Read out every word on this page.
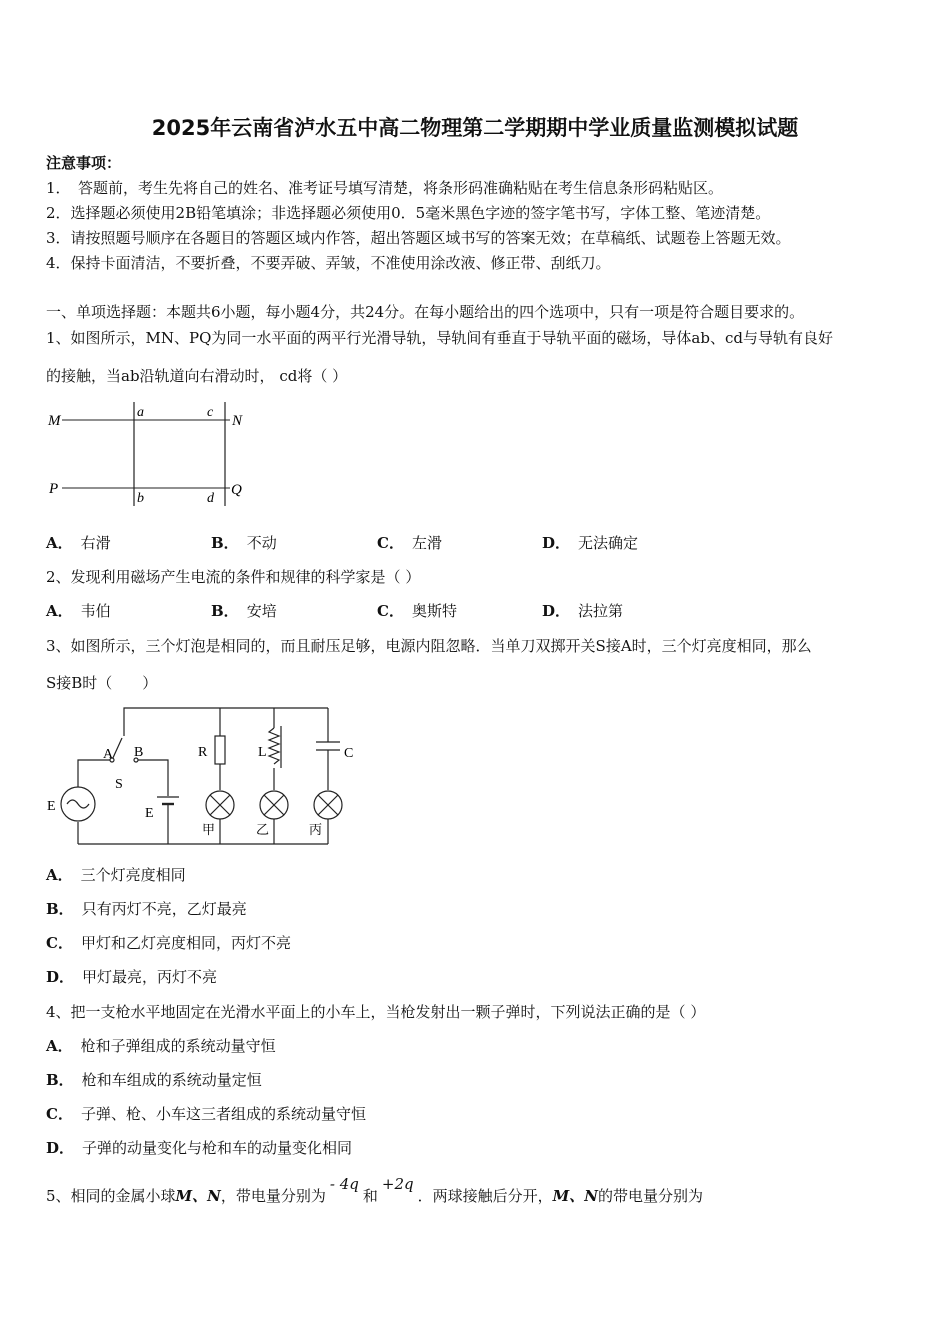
2025年云南省泸水五中高二物理第二学期期中学业质量监测模拟试题
注意事项：
1．　答题前，考生先将自己的姓名、准考证号填写清楚，将条形码准确粘贴在考生信息条形码粘贴区。
2．选择题必须使用2B铅笔填涂；非选择题必须使用0．5毫米黑色字迹的签字笔书写，字体工整、笔迹清楚。
3．请按照题号顺序在各题目的答题区域内作答，超出答题区域书写的答案无效；在草稿纸、试题卷上答题无效。
4．保持卡面清洁，不要折叠，不要弄破、弄皱，不准使用涂改液、修正带、刮纸刀。
一、单项选择题：本题共6小题，每小题4分，共24分。在每小题给出的四个选项中，只有一项是符合题目要求的。
1、如图所示，MN、PQ为同一水平面的两平行光滑导轨，导轨间有垂直于导轨平面的磁场，导体ab、cd与导轨有良好
的接触，当ab沿轨道向右滑动时， cd将（ ）
M	N
P	Q
a	c
b	d
A． 右滑	B． 不动	C． 左滑	D． 无法确定
2、发现利用磁场产生电流的条件和规律的科学家是（ ）
A． 韦伯	B． 安培	C． 奥斯特	D． 法拉第
3、如图所示，三个灯泡是相同的，而且耐压足够，电源内阻忽略．当单刀双掷开关S接A时，三个灯亮度相同，那么
S接B时（　　）
A B
S
E	E
R	L	C
甲	乙	丙
A． 三个灯亮度相同
B． 只有丙灯不亮，乙灯最亮
C． 甲灯和乙灯亮度相同，丙灯不亮
D． 甲灯最亮，丙灯不亮
4、把一支枪水平地固定在光滑水平面上的小车上，当枪发射出一颗子弹时，下列说法正确的是（ ）
A． 枪和子弹组成的系统动量守恒
B． 枪和车组成的系统动量定恒
C． 子弹、枪、小车这三者组成的系统动量守恒
D． 子弹的动量变化与枪和车的动量变化相同
5、相同的金属小球M、N，带电量分别为- 4q和+2q．两球接触后分开，M、N的带电量分别为
